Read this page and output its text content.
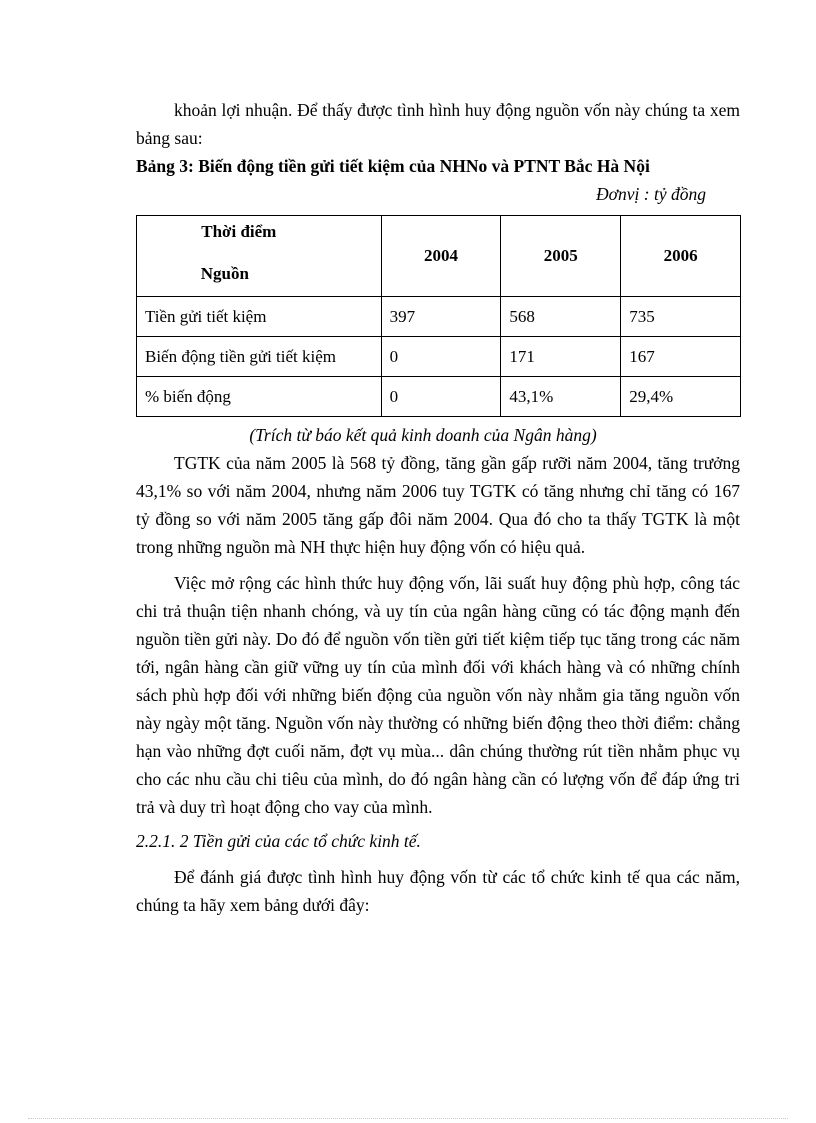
khoản lợi nhuận. Để thấy được tình hình huy động nguồn vốn này chúng ta xem bảng sau:

Bảng 3: Biến động tiền gửi tiết kiệm của NHNo và PTNT Bắc Hà Nội

Đơnvị : tỷ đồng
Thời điểm
Nguồn	2004	2005	2006
Tiền gửi tiết kiệm	397	568	735
Biến động tiền gửi tiết kiệm	0	171	167
% biến động	0	43,1%	29,4%
(Trích từ báo kết quả kinh doanh của Ngân hàng)

TGTK của năm 2005 là 568 tỷ đồng, tăng gần gấp rưỡi năm 2004, tăng trưởng 43,1% so với năm 2004, nhưng năm 2006 tuy TGTK có tăng nhưng chỉ tăng có 167 tỷ đồng so với năm 2005 tăng gấp đôi năm 2004. Qua đó cho ta thấy TGTK là một trong những nguồn mà NH thực hiện huy động vốn có hiệu quả.

Việc mở rộng các hình thức huy động vốn, lãi suất huy động phù hợp, công tác chi trả thuận tiện nhanh chóng, và uy tín của ngân hàng cũng có tác động mạnh đến nguồn tiền gửi này. Do đó để nguồn vốn tiền gửi tiết kiệm tiếp tục tăng trong các năm tới, ngân hàng cần giữ vững uy tín của mình đối với khách hàng và có những chính sách phù hợp đối với những biến động của nguồn vốn này nhằm gia tăng nguồn vốn này ngày một tăng. Nguồn vốn này thường có những biến động theo thời điểm: chẳng hạn vào những đợt cuối năm, đợt vụ mùa... dân chúng thường rút tiền nhằm phục vụ cho các nhu cầu chi tiêu của mình, do đó ngân hàng cần có lượng vốn để đáp ứng tri trả và duy trì hoạt động cho vay của mình.

2.2.1. 2 Tiền gửi của các tổ chức kinh tế.

Để đánh giá được tình hình huy động vốn từ các tổ chức kinh tế qua các năm, chúng ta hãy xem bảng dưới đây:
